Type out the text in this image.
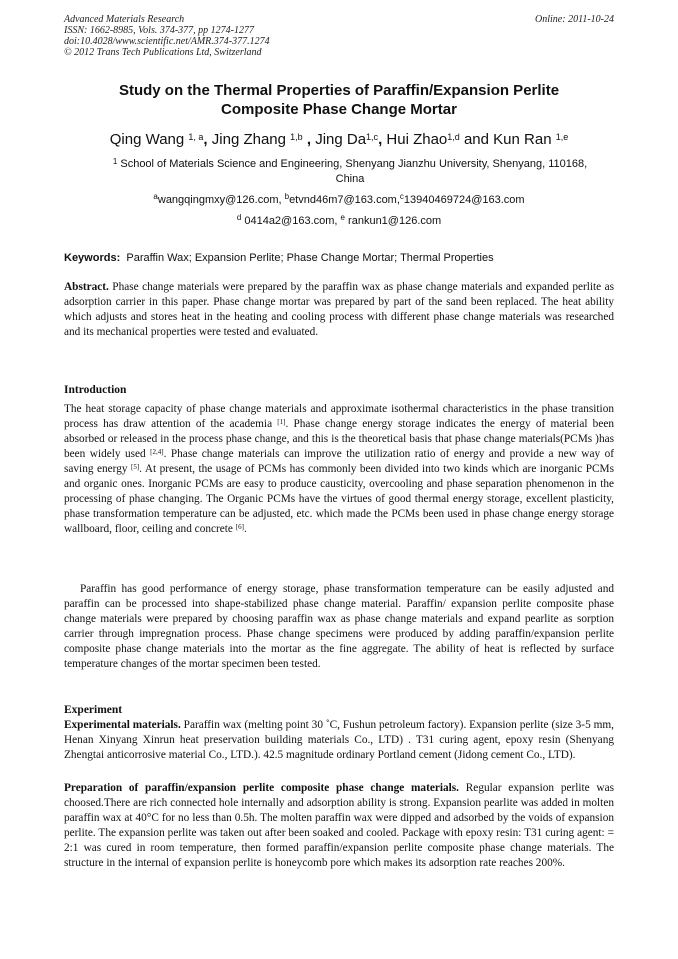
Advanced Materials Research
ISSN: 1662-8985, Vols. 374-377, pp 1274-1277
doi:10.4028/www.scientific.net/AMR.374-377.1274
© 2012 Trans Tech Publications Ltd, Switzerland
Online: 2011-10-24
Study on the Thermal Properties of Paraffin/Expansion Perlite
Composite Phase Change Mortar
Qing Wang $^{1, a}$, Jing Zhang $^{1,b}$ , Jing Da$^{1,c}$, Hui Zhao$^{1,d}$ and Kun Ran $^{1,e}$
$^1$ School of Materials Science and Engineering, Shenyang Jianzhu University, Shenyang, 110168, China
$^a$wangqingmxy@126.com, $^b$etvnd46m7@163.com,$^c$13940469724@163.com
$^d$ 0414a2@163.com, $^e$ rankun1@126.com
Keywords: Paraffin Wax; Expansion Perlite; Phase Change Mortar; Thermal Properties
Abstract. Phase change materials were prepared by the paraffin wax as phase change materials and expanded perlite as adsorption carrier in this paper. Phase change mortar was prepared by part of the sand been replaced. The heat ability which adjusts and stores heat in the heating and cooling process with different phase change materials was researched and its mechanical properties were tested and evaluated.
Introduction
The heat storage capacity of phase change materials and approximate isothermal characteristics in the phase transition process has draw attention of the academia [1]. Phase change energy storage indicates the energy of material been absorbed or released in the process phase change, and this is the theoretical basis that phase change materials(PCMs )has been widely used [2,4]. Phase change materials can improve the utilization ratio of energy and provide a new way of saving energy [5]. At present, the usage of PCMs has commonly been divided into two kinds which are inorganic PCMs and organic ones. Inorganic PCMs are easy to produce causticity, overcooling and phase separation phenomenon in the processing of phase changing. The Organic PCMs have the virtues of good thermal energy storage, excellent plasticity, phase transformation temperature can be adjusted, etc. which made the PCMs been used in phase change energy storage wallboard, floor, ceiling and concrete [6].
Paraffin has good performance of energy storage, phase transformation temperature can be easily adjusted and paraffin can be processed into shape-stabilized phase change material. Paraffin/ expansion perlite composite phase change materials were prepared by choosing paraffin wax as phase change materials and expand pearlite as sorption carrier through impregnation process. Phase change specimens were produced by adding paraffin/expansion perlite composite phase change materials into the mortar as the fine aggregate. The ability of heat is reflected by surface temperature changes of the mortar specimen been tested.
Experiment
Experimental materials. Paraffin wax (melting point 30 ˚C, Fushun petroleum factory). Expansion perlite (size 3-5 mm, Henan Xinyang Xinrun heat preservation building materials Co., LTD) . T31 curing agent, epoxy resin (Shenyang Zhengtai anticorrosive material Co., LTD.). 42.5 magnitude ordinary Portland cement (Jidong cement Co., LTD).
Preparation of paraffin/expansion perlite composite phase change materials. Regular expansion perlite was choosed.There are rich connected hole internally and adsorption ability is strong. Expansion pearlite was added in molten paraffin wax at 40°C for no less than 0.5h. The molten paraffin wax were dipped and adsorbed by the voids of expansion perlite. The expansion perlite was taken out after been soaked and cooled. Package with epoxy resin: T31 curing agent: = 2:1 was cured in room temperature, then formed paraffin/expansion perlite composite phase change materials. The structure in the internal of expansion perlite is honeycomb pore which makes its adsorption rate reaches 200%.
